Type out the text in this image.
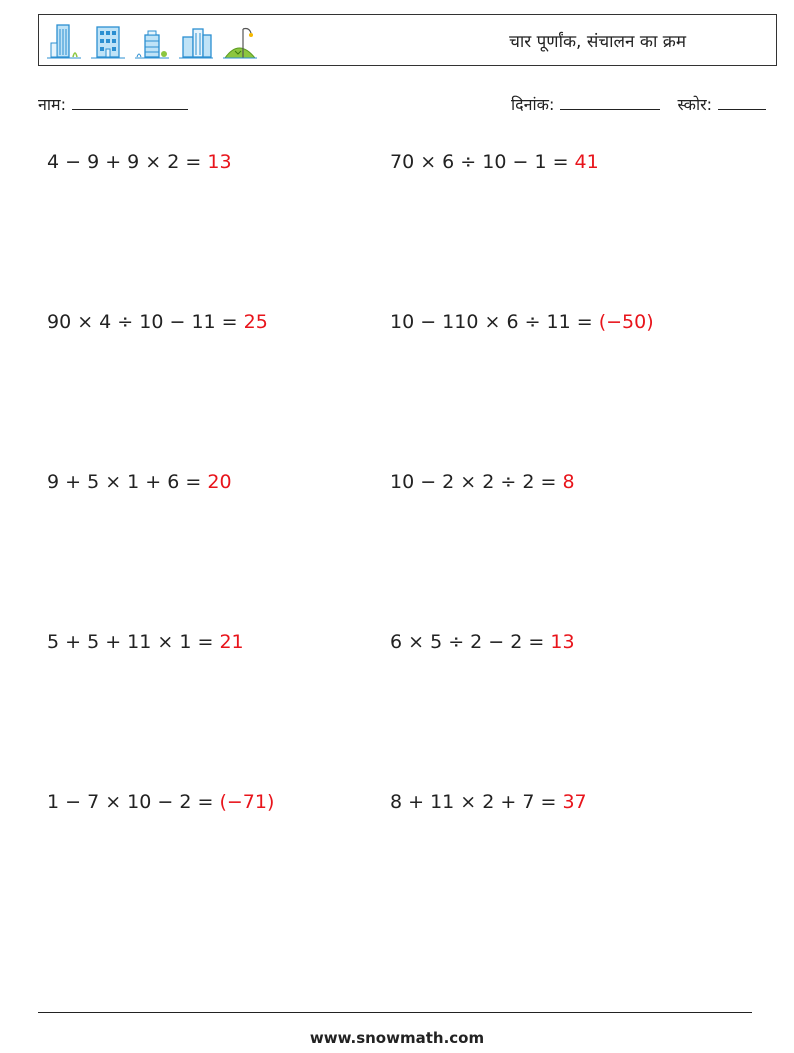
चार पूर्णांक, संचालन का क्रम
नाम:	दिनांक:	स्कोर:
4 − 9 + 9 × 2 = 13	70 × 6 ÷ 10 − 1 = 41
90 × 4 ÷ 10 − 11 = 25	10 − 110 × 6 ÷ 11 = (−50)
9 + 5 × 1 + 6 = 20	10 − 2 × 2 ÷ 2 = 8
5 + 5 + 11 × 1 = 21	6 × 5 ÷ 2 − 2 = 13
1 − 7 × 10 − 2 = (−71)	8 + 11 × 2 + 7 = 37
www.snowmath.com
